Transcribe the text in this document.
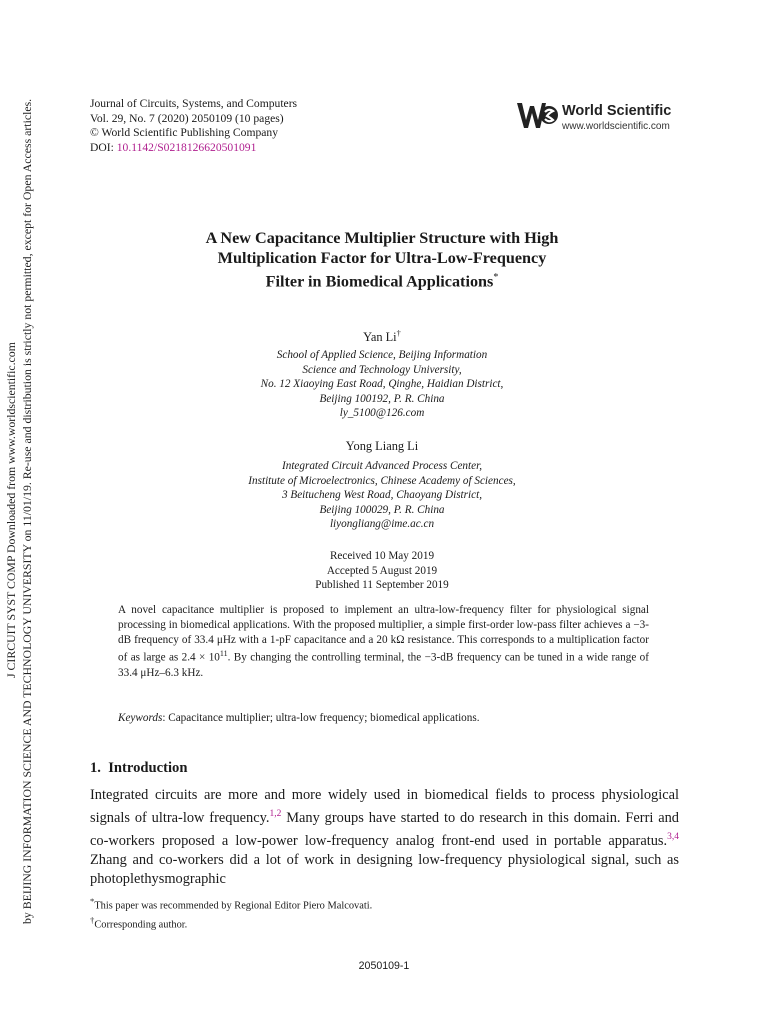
J CIRCUIT SYST COMP Downloaded from www.worldscientific.com by BEIJING INFORMATION SCIENCE AND TECHNOLOGY UNIVERSITY on 11/01/19. Re-use and distribution is strictly not permitted, except for Open Access articles.	Journal of Circuits, Systems, and Computers
Vol. 29, No. 7 (2020) 2050109 (10 pages)
© World Scientific Publishing Company
DOI: 10.1142/S0218126620501091
World Scientific
www.worldscientific.com
A New Capacitance Multiplier Structure with High
Multiplication Factor for Ultra-Low-Frequency
Filter in Biomedical Applications*
Yan Li†
School of Applied Science, Beijing Information
Science and Technology University,
No. 12 Xiaoying East Road, Qinghe, Haidian District,
Beijing 100192, P. R. China
ly_5100@126.com
Yong Liang Li
Integrated Circuit Advanced Process Center,
Institute of Microelectronics, Chinese Academy of Sciences,
3 Beitucheng West Road, Chaoyang District,
Beijing 100029, P. R. China
liyongliang@ime.ac.cn
Received 10 May 2019
Accepted 5 August 2019
Published 11 September 2019
A novel capacitance multiplier is proposed to implement an ultra-low-frequency filter for physiological signal processing in biomedical applications. With the proposed multiplier, a simple first-order low-pass filter achieves a −3-dB frequency of 33.4 μHz with a 1-pF capacitance and a 20 kΩ resistance. This corresponds to a multiplication factor of as large as $2.4 \times 10^{11}$. By changing the controlling terminal, the −3-dB frequency can be tuned in a wide range of 33.4 μHz–6.3 kHz.
Keywords: Capacitance multiplier; ultra-low frequency; biomedical applications.
1. Introduction
Integrated circuits are more and more widely used in biomedical fields to process physiological signals of ultra-low frequency.$^{1,2}$ Many groups have started to do research in this domain. Ferri and co-workers proposed a low-power low-frequency analog front-end used in portable apparatus.$^{3,4}$ Zhang and co-workers did a lot of work in designing low-frequency physiological signal, such as photoplethysmographic
*This paper was recommended by Regional Editor Piero Malcovati.
†Corresponding author.
2050109-1
